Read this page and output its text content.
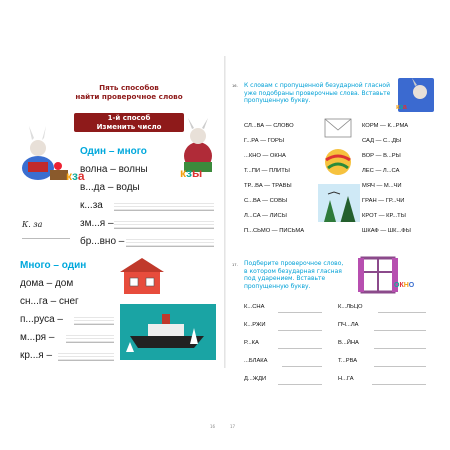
Пять способов
найти проверочное слово
1-й способ
Изменить число
кза	кзы
Один – много
волна – волны
в...да – воды
к...за
зм...я –
бр...вно –
К. за
Много – один
дома – дом
сн...га – снег
п...руса –
м...ря –
кр...я –
16
16. К словам с пропущенной безударной гласной уже подобраны проверочные слова. Вставьте пропущенную букву.
кза
СЛ...ВА — СЛОВО
Г...РА — ГОРЫ
...КНО — ОКНА
Т...ПИ — ПЛИТЫ
ТР...ВА — ТРАВЫ
С...ВА — СОВЫ
Л...СА — ЛИСЫ
П...СЬМО — ПИСЬМА
КОРМ — К...РМА
САД — С...ДЫ
ВОР — В...РЫ
ЛЕС — Л...СА
МЯЧ — М...ЧИ
ГРАН — ГР...ЧИ
КРОТ — КР...ТЫ
ШКАФ — ШК...ФЫ
17. Подберите проверочное слово, в котором безударная гласная под ударением. Вставьте пропущенную букву.	ОКНО
К...СНА
К...РЖИ
Р...КА
...БЛАКА
Д...ЖДИ
К...ЛЬЦО
ПЧ...ЛА
В...ЙНА
Т...РВА
Н...ГА
17
